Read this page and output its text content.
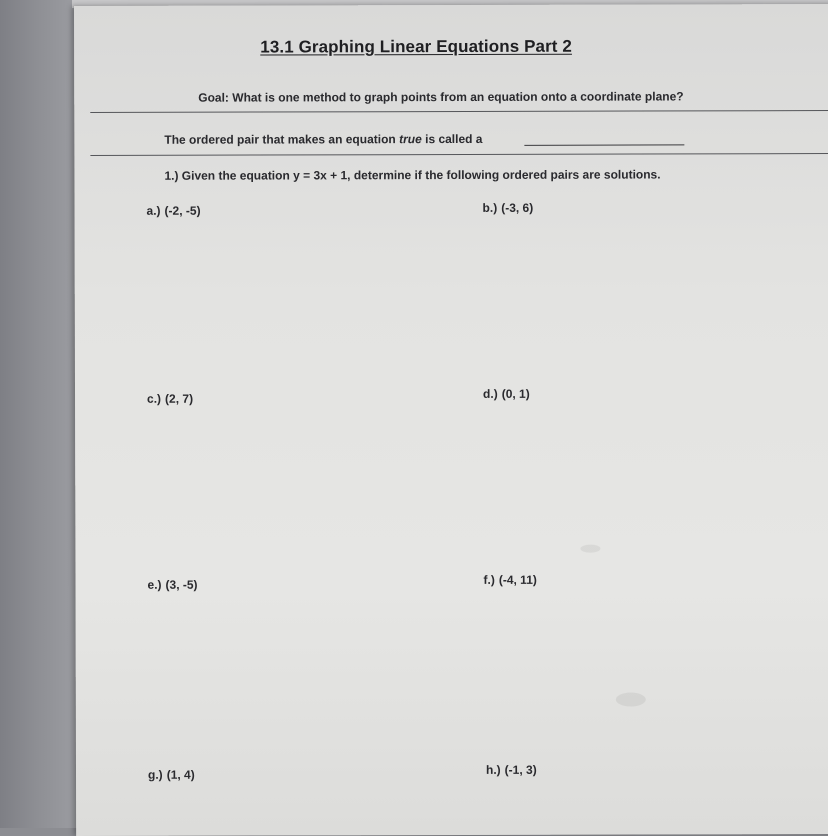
13.1 Graphing Linear Equations Part 2
Goal: What is one method to graph points from an equation onto a coordinate plane?
The ordered pair that makes an equation true is called a
1.) Given the equation y = 3x + 1, determine if the following ordered pairs are solutions.
a.) (-2, -5)	b.) (-3, 6)
c.) (2, 7)	d.) (0, 1)
e.) (3, -5)	f.) (-4, 11)
g.) (1, 4)	h.) (-1, 3)
